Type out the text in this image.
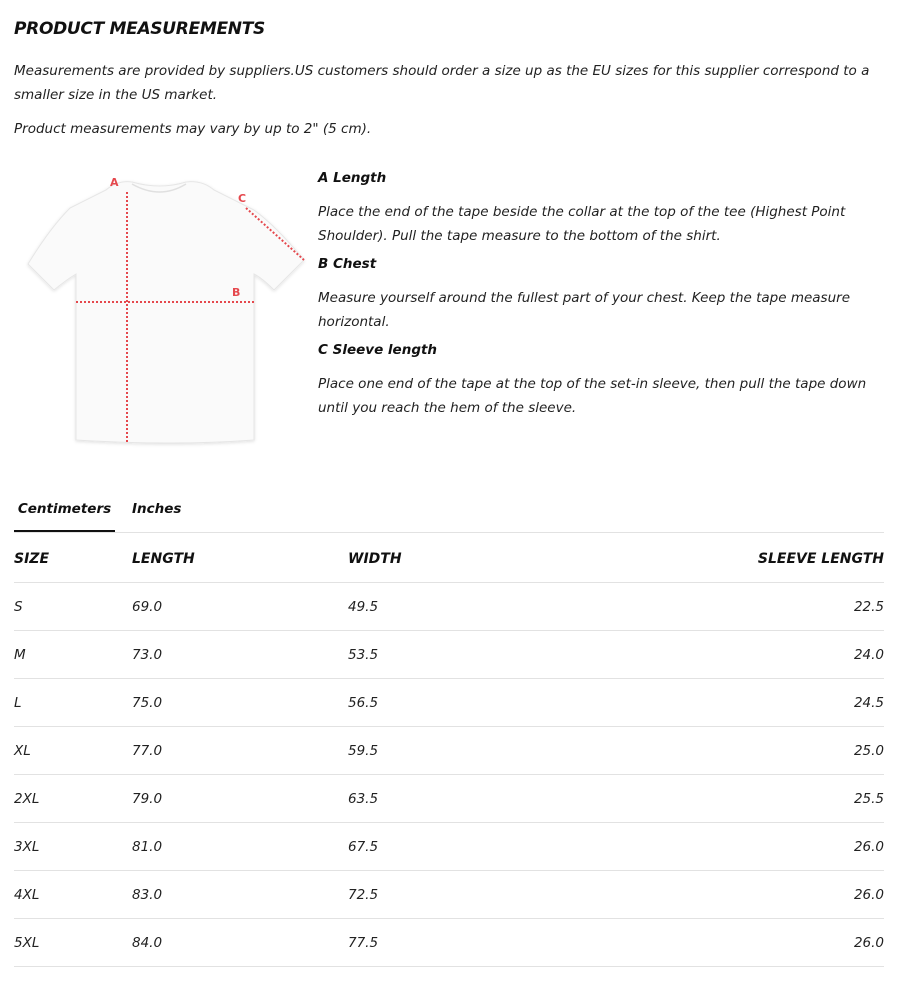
PRODUCT MEASUREMENTS

Measurements are provided by suppliers.US customers should order a size up as the EU sizes for this supplier correspond to a smaller size in the US market.

Product measurements may vary by up to 2" (5 cm).

A
B
C
A Length

Place the end of the tape beside the collar at the top of the tee (Highest Point Shoulder). Pull the tape measure to the bottom of the shirt.

B Chest

Measure yourself around the fullest part of your chest. Keep the tape measure horizontal.

C Sleeve length

Place one end of the tape at the top of the set-in sleeve, then pull the tape down until you reach the hem of the sleeve.

Centimeters Inches
SIZE	LENGTH	WIDTH	SLEEVE LENGTH
S	69.0	49.5	22.5
M	73.0	53.5	24.0
L	75.0	56.5	24.5
XL	77.0	59.5	25.0
2XL	79.0	63.5	25.5
3XL	81.0	67.5	26.0
4XL	83.0	72.5	26.0
5XL	84.0	77.5	26.0
